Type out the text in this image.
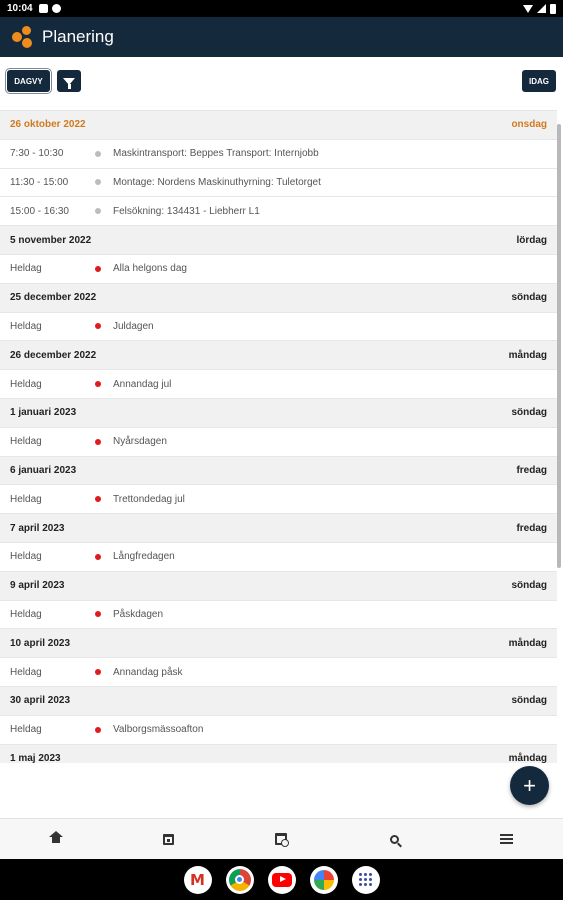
10:04
Planering
DAGVY	IDAG
26 oktober 2022	onsdag
7:30 - 10:30	Maskintransport: Beppes Transport: Internjobb
11:30 - 15:00	Montage: Nordens Maskinuthyrning: Tuletorget
15:00 - 16:30	Felsökning: 134431 - Liebherr L1
5 november 2022	lördag
Heldag	Alla helgons dag
25 december 2022	söndag
Heldag	Juldagen
26 december 2022	måndag
Heldag	Annandag jul
1 januari 2023	söndag
Heldag	Nyårsdagen
6 januari 2023	fredag
Heldag	Trettondedag jul
7 april 2023	fredag
Heldag	Långfredagen
9 april 2023	söndag
Heldag	Påskdagen
10 april 2023	måndag
Heldag	Annandag påsk
30 april 2023	söndag
Heldag	Valborgsmässoafton
1 maj 2023	måndag
+
M
